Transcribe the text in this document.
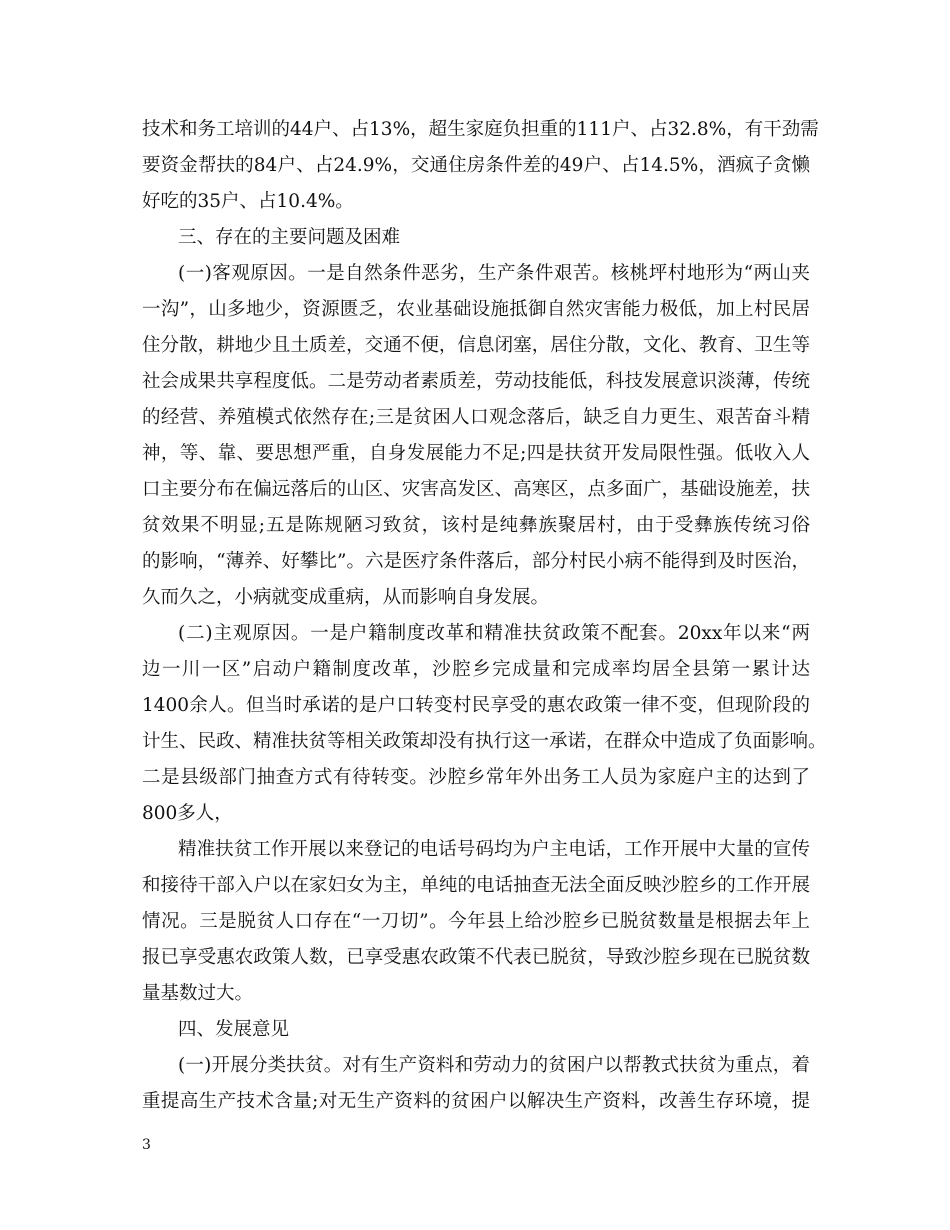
技术和务工培训的44户、占13%，超生家庭负担重的111户、占32.8%，有干劲需
要资金帮扶的84户、占24.9%，交通住房条件差的49户、占14.5%，酒疯子贪懒
好吃的35户、占10.4%。
三、存在的主要问题及困难
(一)客观原因。一是自然条件恶劣，生产条件艰苦。核桃坪村地形为“两山夹
一沟”，山多地少，资源匮乏，农业基础设施抵御自然灾害能力极低，加上村民居
住分散，耕地少且土质差，交通不便，信息闭塞，居住分散，文化、教育、卫生等
社会成果共享程度低。二是劳动者素质差，劳动技能低，科技发展意识淡薄，传统
的经营、养殖模式依然存在;三是贫困人口观念落后，缺乏自力更生、艰苦奋斗精
神，等、靠、要思想严重，自身发展能力不足;四是扶贫开发局限性强。低收入人
口主要分布在偏远落后的山区、灾害高发区、高寒区，点多面广，基础设施差，扶
贫效果不明显;五是陈规陋习致贫，该村是纯彝族聚居村，由于受彝族传统习俗
的影响，“薄养、好攀比”。六是医疗条件落后，部分村民小病不能得到及时医治，
久而久之，小病就变成重病，从而影响自身发展。
(二)主观原因。一是户籍制度改革和精准扶贫政策不配套。20xx年以来“两
边一川一区”启动户籍制度改革，沙腔乡完成量和完成率均居全县第一累计达
1400余人。但当时承诺的是户口转变村民享受的惠农政策一律不变，但现阶段的
计生、民政、精准扶贫等相关政策却没有执行这一承诺，在群众中造成了负面影响。
二是县级部门抽查方式有待转变。沙腔乡常年外出务工人员为家庭户主的达到了
800多人，
精准扶贫工作开展以来登记的电话号码均为户主电话，工作开展中大量的宣传
和接待干部入户以在家妇女为主，单纯的电话抽查无法全面反映沙腔乡的工作开展
情况。三是脱贫人口存在“一刀切”。今年县上给沙腔乡已脱贫数量是根据去年上
报已享受惠农政策人数，已享受惠农政策不代表已脱贫，导致沙腔乡现在已脱贫数
量基数过大。
四、发展意见
(一)开展分类扶贫。对有生产资料和劳动力的贫困户以帮教式扶贫为重点，着
重提高生产技术含量;对无生产资料的贫困户以解决生产资料，改善生存环境，提
3
